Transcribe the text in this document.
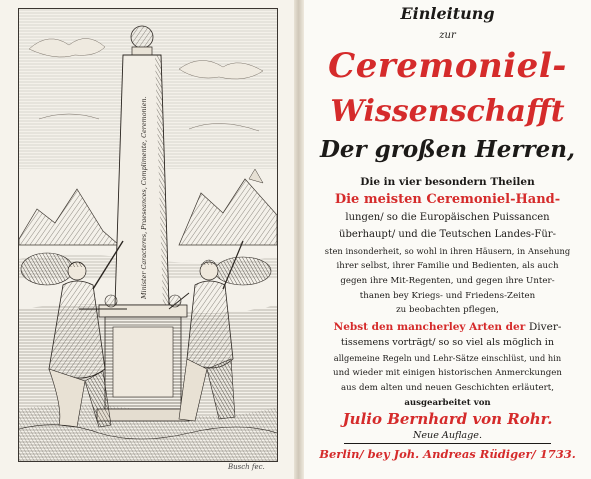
Minister Caracteres, Praeseances, Complimente, Ceremonien.
Busch fec.
Einleitung
zur
Ceremoniel-
Wissenschafft
Der großen Herren,
Die in vier besondern Theilen
Die meisten Ceremoniel-Hand-
lungen/ so die Europäischen Puissancen
überhaupt/ und die Teutschen Landes-Für-
sten insonderheit, so wohl in ihren Häusern, in Ansehung
ihrer selbst, ihrer Familie und Bedienten, als auch
gegen ihre Mit-Regenten, und gegen ihre Unter-
thanen bey Kriegs- und Friedens-Zeiten
zu beobachten pflegen,
Nebst den mancherley Arten der Diver-
tissemens vorträgt/ so so viel als möglich in
allgemeine Regeln und Lehr-Sätze einschlüst, und hin
und wieder mit einigen historischen Anmerckungen
aus dem alten und neuen Geschichten erläutert,
ausgearbeitet von
Julio Bernhard von Rohr.
Neue Auflage.
Berlin/ bey Joh. Andreas Rüdiger/ 1733.
